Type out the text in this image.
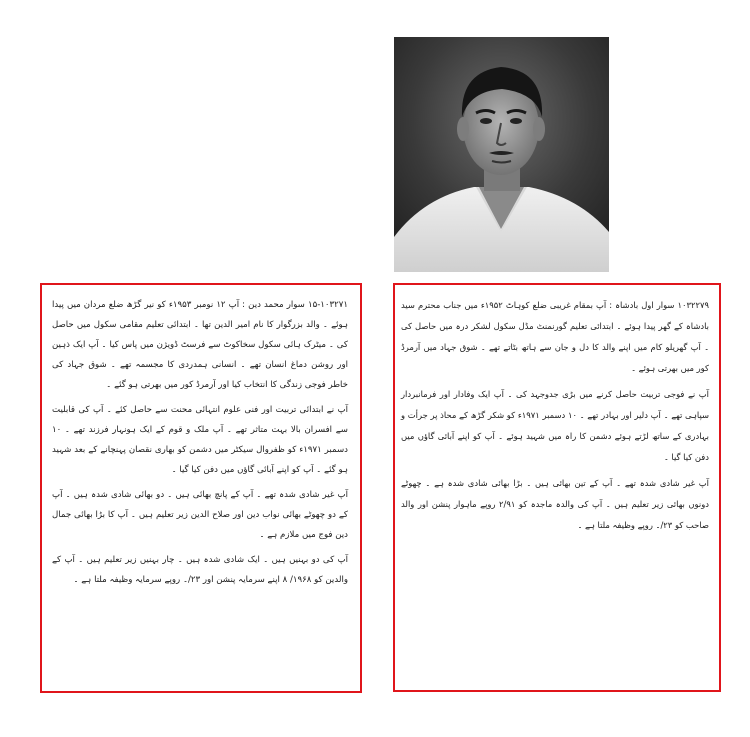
۱۵-۱۰۳۲۷۱ سوار محمد دین : آپ ۱۲ نومبر ۱۹۵۳ء کو نیر گڑھ ضلع مردان میں پیدا ہوئے ۔ والد بزرگوار کا نام امیر الدین تھا ۔ ابتدائی تعلیم مقامی سکول میں حاصل کی ۔ میٹرک ہائی سکول سخاکوٹ سے فرسٹ ڈویژن میں پاس کیا ۔ آپ ایک ذہین اور روشن دماغ انسان تھے ۔ انسانی ہمدردی کا مجسمہ تھے ۔ شوق جہاد کی خاطر فوجی زندگی کا انتخاب کیا اور آرمرڈ کور میں بھرتی ہو گئے ۔

آپ نے ابتدائی تربیت اور فنی علوم انتہائی محنت سے حاصل کئے ۔ آپ کی قابلیت سے افسران بالا بہت متاثر تھے ۔ آپ ملک و قوم کے ایک ہونہار فرزند تھے ۔ ۱۰ دسمبر ۱۹۷۱ء کو ظفروال سیکٹر میں دشمن کو بھاری نقصان پہنچانے کے بعد شہید ہو گئے ۔ آپ کو اپنے آبائی گاؤں میں دفن کیا گیا ۔

آپ غیر شادی شدہ تھے ۔ آپ کے پانچ بھائی ہیں ۔ دو بھائی شادی شدہ ہیں ۔ آپ کے دو چھوٹے بھائی نواب دین اور صلاح الدین زیر تعلیم ہیں ۔ آپ کا بڑا بھائی جمال دین فوج میں ملازم ہے ۔

آپ کی دو بہنیں ہیں ۔ ایک شادی شدہ ہیں ۔ چار بہنیں زیر تعلیم ہیں ۔ آپ کے والدین کو ۱۹۶۸/ ۸ اپنے سرمایہ پنشن اور ۲۳/۔ روپے سرمایہ وظیفہ ملتا ہے ۔

۱۰۳۲۲۷۹ سوار اول بادشاہ : آپ بمقام غریبی ضلع کوہاٹ ۱۹۵۲ء میں جناب محترم سید بادشاہ کے گھر پیدا ہوئے ۔ ابتدائی تعلیم گورنمنٹ مڈل سکول لشکر درہ میں حاصل کی ۔ آپ گھریلو کام میں اپنے والد کا دل و جان سے ہاتھ بٹاتے تھے ۔ شوق جہاد میں آرمرڈ کور میں بھرتی ہوئے ۔

آپ نے فوجی تربیت حاصل کرنے میں بڑی جدوجہد کی ۔ آپ ایک وفادار اور فرمانبردار سپاہی تھے ۔ آپ دلیر اور بہادر تھے ۔ ۱۰ دسمبر ۱۹۷۱ء کو شکر گڑھ کے محاذ پر جرأت و بہادری کے ساتھ لڑتے ہوئے دشمن کا راہ میں شہید ہوئے ۔ آپ کو اپنے آبائی گاؤں میں دفن کیا گیا ۔

آپ غیر شادی شدہ تھے ۔ آپ کے تین بھائی ہیں ۔ بڑا بھائی شادی شدہ ہے ۔ چھوٹے دونوں بھائی زیر تعلیم ہیں ۔ آپ کی والدہ ماجدہ کو ۲/۹۱ روپے ماہوار پنشن اور والد صاحب کو ۲۳/۔ روپے وظیفہ ملتا ہے ۔
